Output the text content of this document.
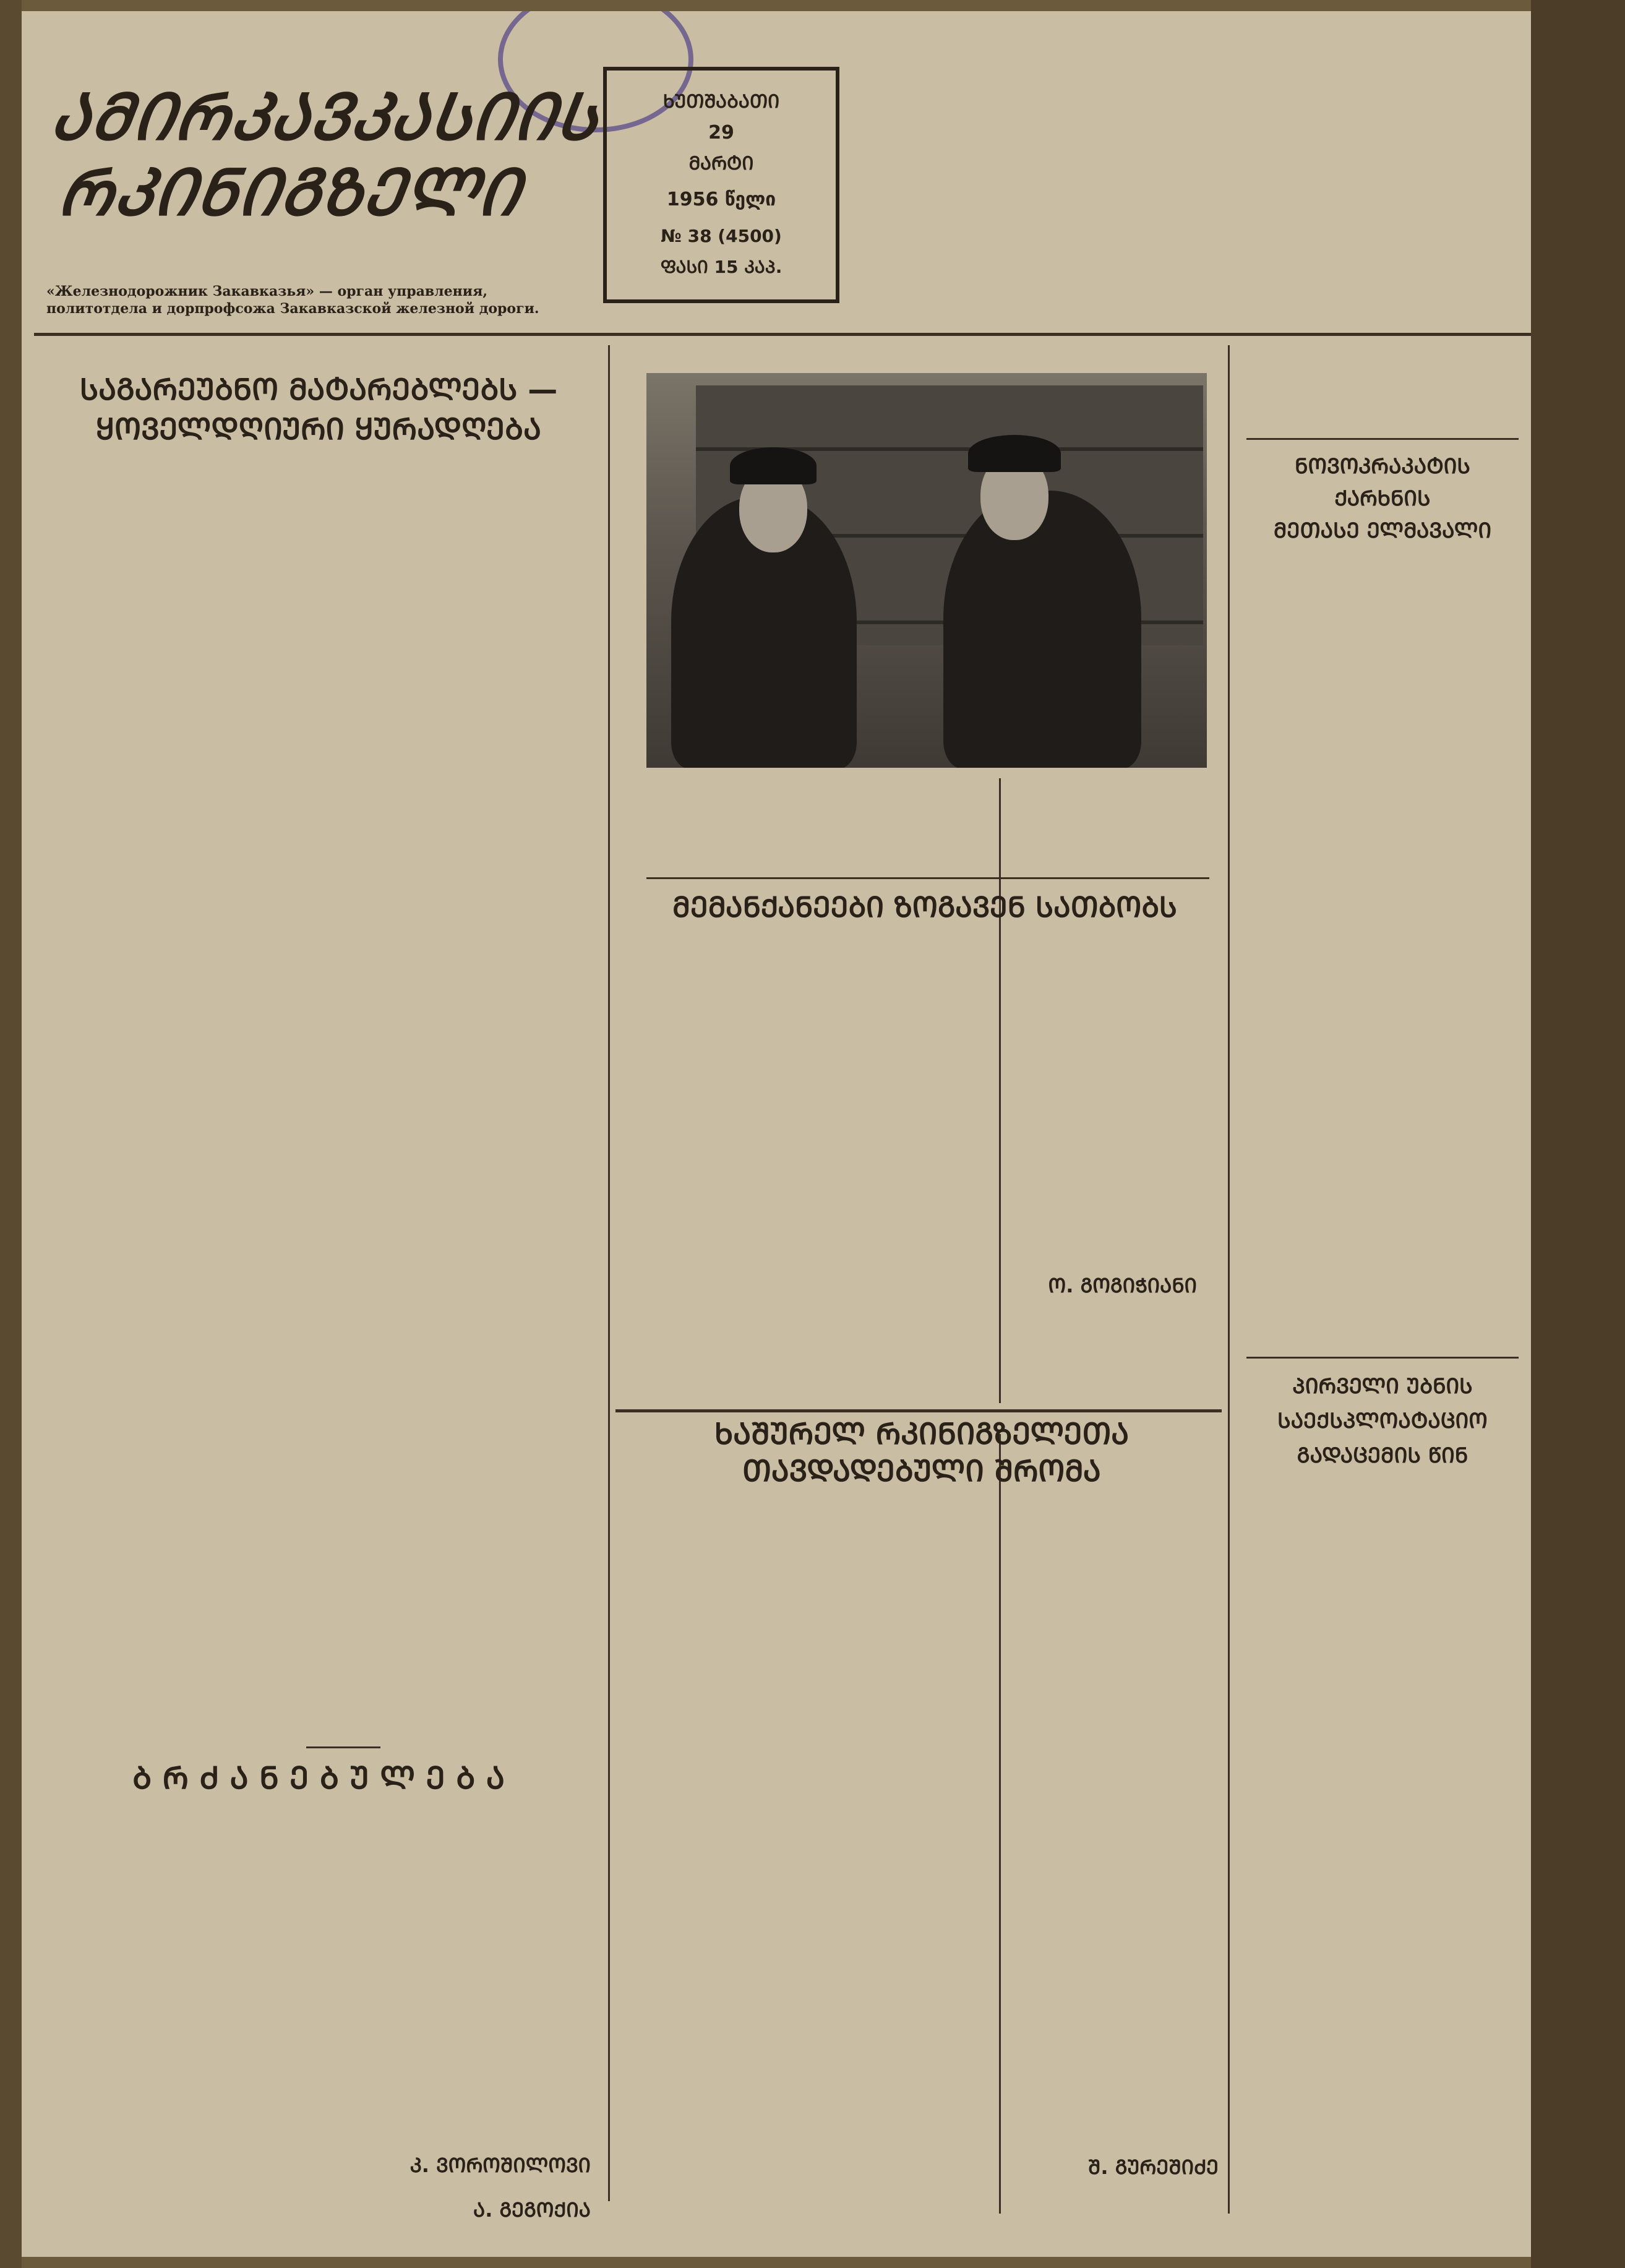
ᲐᲛᲘᲠᲙᲐᲕᲙᲐᲡᲘᲘᲡ
ᲠᲙᲘᲜᲘᲒᲖᲔᲚᲘ
«Железнодорожник Закавказья» — орган управления, политотдела и дорпрофсожа Закавказской железной дороги.
ᲮᲣᲗᲨᲐᲑᲐᲗᲘ
29
ᲛᲐᲠᲢᲘ
1956 წელი
№ 38 (4500)
ᲤᲐᲡᲘ 15 ᲙᲐᲞ.
ᲡᲐᲒᲐᲠᲔᲣᲑᲜᲝ ᲛᲐᲢᲐᲠᲔᲑᲚᲔᲑᲡ —
ᲧᲝᲕᲔᲚᲓᲦᲘᲣᲠᲘ ᲧᲣᲠᲐᲓᲦᲔᲑᲐ
Ბ Რ Ძ Ა Ნ Ე Ბ Უ Ლ Ე Ბ Ა
Კ. ᲕᲝᲠᲝᲨᲘᲚᲝᲕᲘ
Ა. ᲒᲔᲒᲝᲥᲘᲐ
ᲛᲔᲛᲐᲜᲥᲐᲜᲔᲔᲑᲘ ᲖᲝᲒᲐᲕᲔᲜ ᲡᲐᲗᲑᲝᲑᲡ
Ო. ᲒᲝᲒᲘᲭᲘᲐᲜᲘ
ᲮᲐᲨᲣᲠᲔᲚ ᲠᲙᲘᲜᲘᲒᲖᲔᲚᲔᲗᲐ ᲗᲐᲕᲓᲐᲓᲔᲑᲣᲚᲘ ᲨᲠᲝᲛᲐ
Შ. ᲒᲣᲠᲔᲨᲘᲫᲔ
ᲜᲝᲕᲝᲙᲠᲐᲙᲐᲢᲘᲡ ᲥᲐᲠᲮᲜᲘᲡ
ᲛᲔᲗᲐᲡᲔ ᲔᲚᲛᲐᲕᲐᲚᲘ
ᲞᲘᲠᲕᲔᲚᲘ ᲣᲑᲜᲘᲡ
ᲡᲐᲔᲥᲡᲞᲚᲝᲐᲢᲐᲪᲘᲝ
ᲒᲐᲓᲐᲪᲔᲛᲘᲡ ᲬᲘᲜ
